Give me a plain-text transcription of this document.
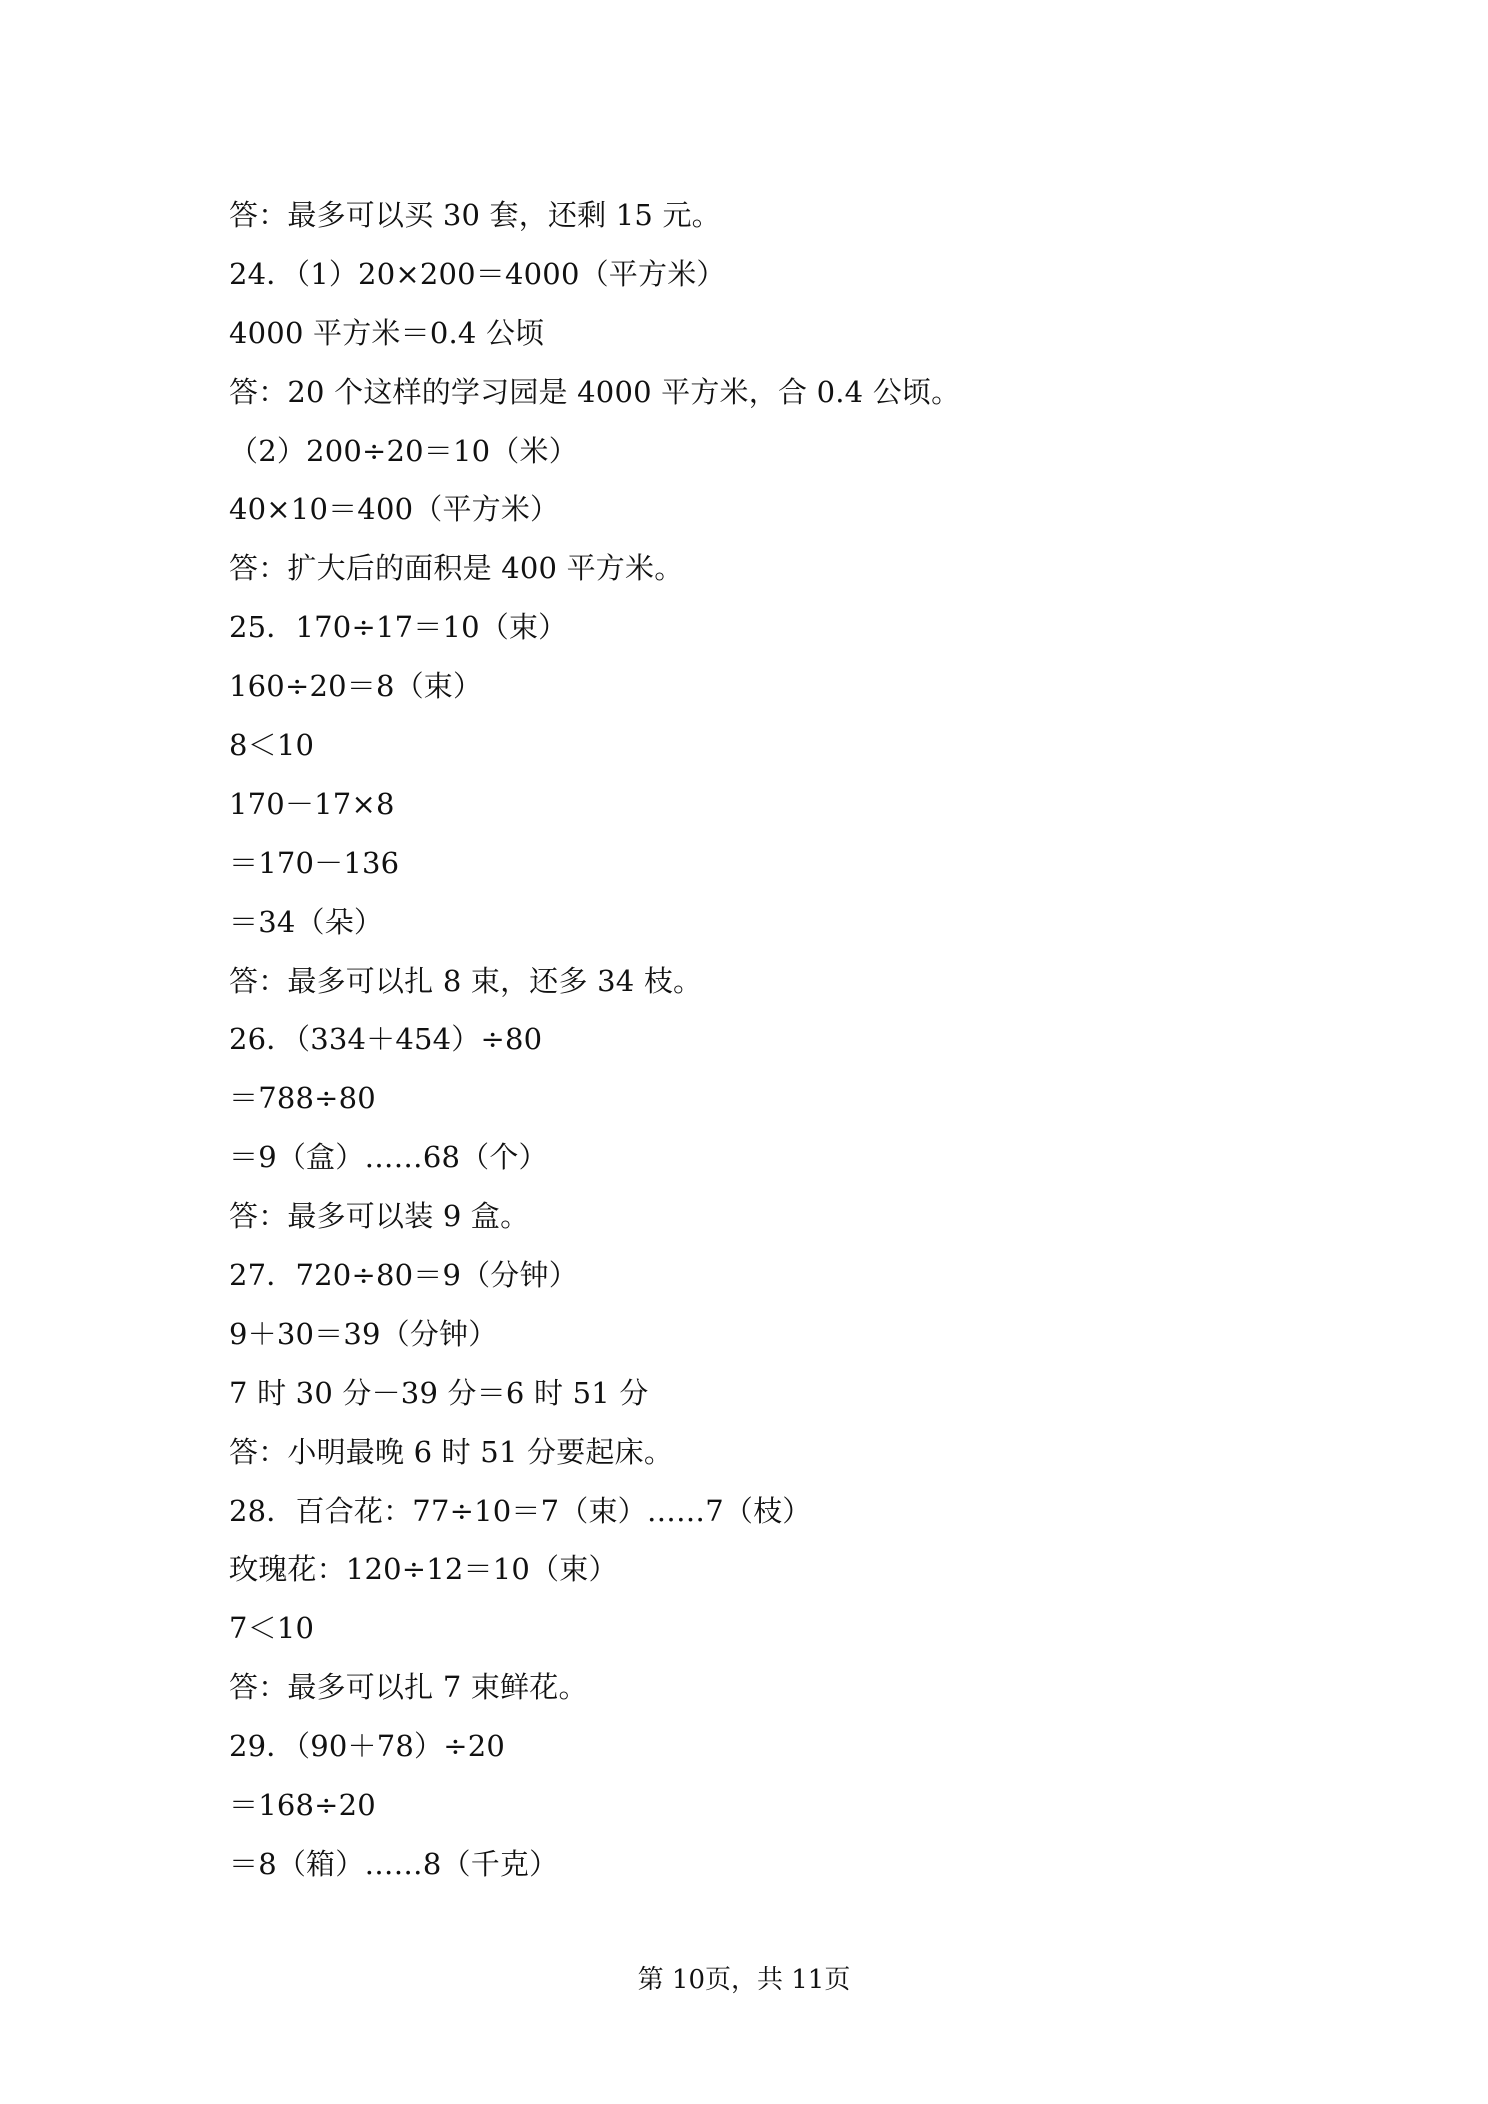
答：最多可以买 30 套，还剩 15 元。
24．（1）20×200＝4000（平方米）
4000 平方米＝0.4 公顷
答：20 个这样的学习园是 4000 平方米，合 0.4 公顷。
（2）200÷20＝10（米）
40×10＝400（平方米）
答：扩大后的面积是 400 平方米。
25．170÷17＝10（束）
160÷20＝8（束）
8＜10
170－17×8
＝170－136
＝34（朵）
答：最多可以扎 8 束，还多 34 枝。
26．（334＋454）÷80
＝788÷80
＝9（盒）……68（个）
答：最多可以装 9 盒。
27．720÷80＝9（分钟）
9＋30＝39（分钟）
7 时 30 分－39 分＝6 时 51 分
答：小明最晚 6 时 51 分要起床。
28．百合花：77÷10＝7（束）……7（枝）
玫瑰花：120÷12＝10（束）
7＜10
答：最多可以扎 7 束鲜花。
29．（90＋78）÷20
＝168÷20
＝8（箱）……8（千克）
第 10页，共 11页
